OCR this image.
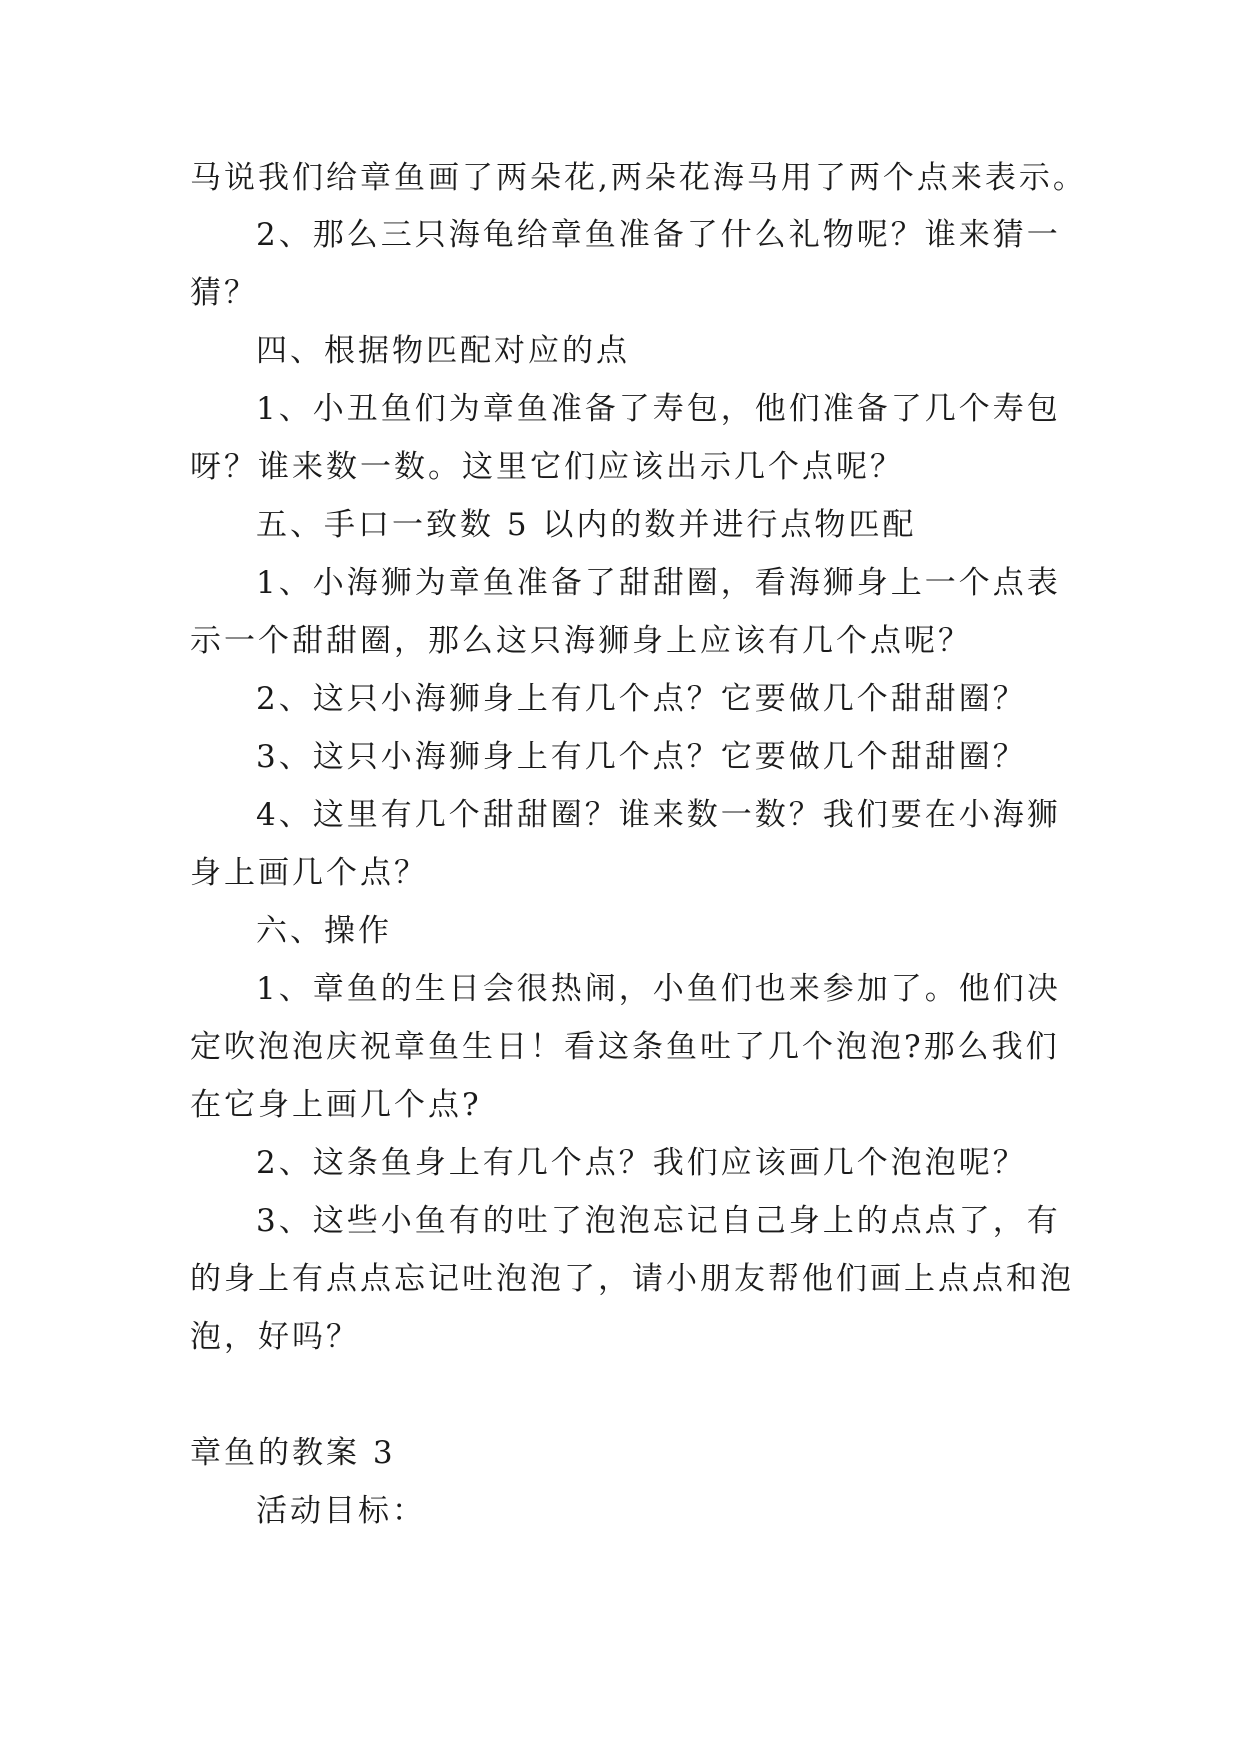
马说我们给章鱼画了两朵花,两朵花海马用了两个点来表示。
2、那么三只海龟给章鱼准备了什么礼物呢？谁来猜一
猜？
四、根据物匹配对应的点
1、小丑鱼们为章鱼准备了寿包，他们准备了几个寿包
呀？谁来数一数。这里它们应该出示几个点呢？
五、手口一致数 5 以内的数并进行点物匹配
1、小海狮为章鱼准备了甜甜圈，看海狮身上一个点表
示一个甜甜圈，那么这只海狮身上应该有几个点呢？
2、这只小海狮身上有几个点？它要做几个甜甜圈？
3、这只小海狮身上有几个点？它要做几个甜甜圈？
4、这里有几个甜甜圈？谁来数一数？我们要在小海狮
身上画几个点？
六、操作
1、章鱼的生日会很热闹，小鱼们也来参加了。他们决
定吹泡泡庆祝章鱼生日！看这条鱼吐了几个泡泡?那么我们
在它身上画几个点?
2、这条鱼身上有几个点？我们应该画几个泡泡呢？
3、这些小鱼有的吐了泡泡忘记自己身上的点点了，有
的身上有点点忘记吐泡泡了，请小朋友帮他们画上点点和泡
泡，好吗？
章鱼的教案 3
活动目标：
